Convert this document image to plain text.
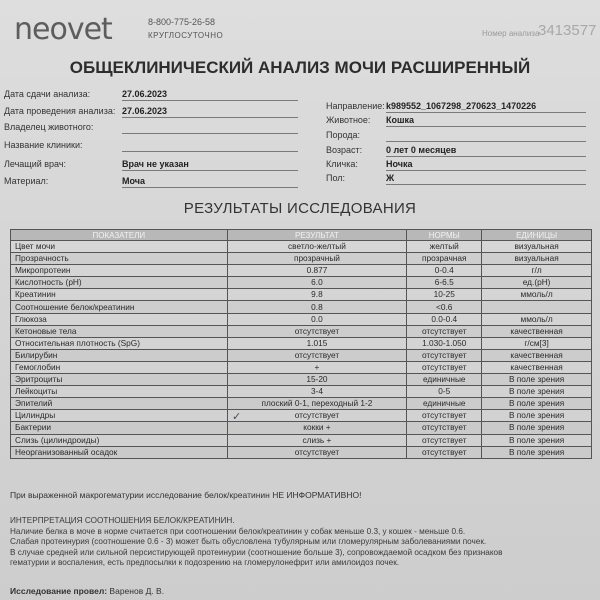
neovet	8-800-775-26-58
КРУГЛОСУТОЧНО	Номер анализа
3413577
ОБЩЕКЛИНИЧЕСКИЙ АНАЛИЗ МОЧИ РАСШИРЕННЫЙ
Дата сдачи анализа:	27.06.2023
Дата проведения анализа: 27.06.2023
Владелец животного:
Название клиники:
Лечащий врач:	Врач не указан
Материал:	Моча
Направление: k989552_1067298_270623_1470226
Животное: Кошка
Порода:
Возраст:	0 лет 0 месяцев
Кличка:	Ночка
Пол:	Ж
РЕЗУЛЬТАТЫ ИССЛЕДОВАНИЯ
ПОКАЗАТЕЛИ	РЕЗУЛЬТАТ	НОРМЫ	ЕДИНИЦЫ
Цвет мочи	светло-желтый	желтый	визуальная
Прозрачность	прозрачный	прозрачная	визуальная
Микропротеин	0.877	0-0.4	г/л
Кислотность (pH)	6.0	6-6.5	ед.(pH)
Креатинин	9.8	10-25	ммоль/л
Соотношение белок/креатинин	0.8	<0.6	
Глюкоза	0.0	0.0-0.4	ммоль/л
Кетоновые тела	отсутствует	отсутствует	качественная
Относительная плотность (SpG)	1.015	1.030-1.050	г/см[3]
Билирубин	отсутствует	отсутствует	качественная
Гемоглобин	+	отсутствует	качественная
Эритроциты	15-20	единичные	В поле зрения
Лейкоциты	3-4	0-5	В поле зрения
Эпителий	плоский 0-1, переходный 1-2	единичные	В поле зрения
Цилиндры	отсутствует	отсутствует	В поле зрения
Бактерии	кокки +	отсутствует	В поле зрения
Слизь (цилиндроиды)	слизь +	отсутствует	В поле зрения
Неорганизованный осадок	отсутствует	отсутствует	В поле зрения
✓
При выраженной макрогематурии исследование белок/креатинин НЕ ИНФОРМАТИВНО!
ИНТЕРПРЕТАЦИЯ СООТНОШЕНИЯ БЕЛОК/КРЕАТИНИН.
Наличие белка в моче в норме считается при соотношении белок/креатинин у собак меньше 0.3, у кошек - меньше 0.6.
Слабая протеинурия (соотношение 0.6 - 3) может быть обусловлена тубулярным или гломерулярным заболеваниями почек.
В случае средней или сильной персистирующей протеинурии (соотношение больше 3), сопровождаемой осадком без признаков
гематурии и воспаления, есть предпосылки к подозрению на гломерулонефрит или амилоидоз почек.
Исследование провел: Варенов Д. В.
